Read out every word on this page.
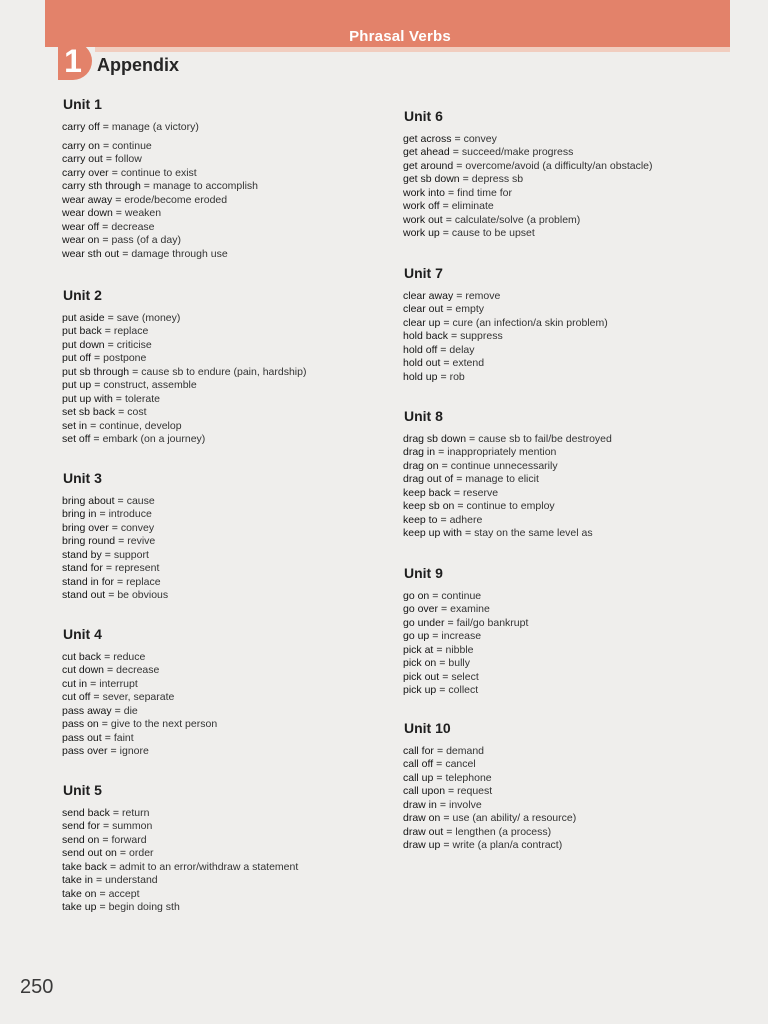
Phrasal Verbs
1 Appendix
Unit 1
carry off = manage (a victory)
carry on = continue
carry out = follow
carry over = continue to exist
carry sth through = manage to accomplish
wear away = erode/become eroded
wear down = weaken
wear off = decrease
wear on = pass (of a day)
wear sth out = damage through use
Unit 2
put aside = save (money)
put back = replace
put down = criticise
put off = postpone
put sb through = cause sb to endure (pain, hardship)
put up = construct, assemble
put up with = tolerate
set sb back = cost
set in = continue, develop
set off = embark (on a journey)
Unit 3
bring about = cause
bring in = introduce
bring over = convey
bring round = revive
stand by = support
stand for = represent
stand in for = replace
stand out = be obvious
Unit 4
cut back = reduce
cut down = decrease
cut in = interrupt
cut off = sever, separate
pass away = die
pass on = give to the next person
pass out = faint
pass over = ignore
Unit 5
send back = return
send for = summon
send on = forward
send out on = order
take back = admit to an error/withdraw a statement
take in = understand
take on = accept
take up = begin doing sth
Unit 6
get across = convey
get ahead = succeed/make progress
get around = overcome/avoid (a difficulty/an obstacle)
get sb down = depress sb
work into = find time for
work off = eliminate
work out = calculate/solve (a problem)
work up = cause to be upset
Unit 7
clear away = remove
clear out = empty
clear up = cure (an infection/a skin problem)
hold back = suppress
hold off = delay
hold out = extend
hold up = rob
Unit 8
drag sb down = cause sb to fail/be destroyed
drag in = inappropriately mention
drag on = continue unnecessarily
drag out of = manage to elicit
keep back = reserve
keep sb on = continue to employ
keep to = adhere
keep up with = stay on the same level as
Unit 9
go on = continue
go over = examine
go under = fail/go bankrupt
go up = increase
pick at = nibble
pick on = bully
pick out = select
pick up = collect
Unit 10
call for = demand
call off = cancel
call up = telephone
call upon = request
draw in = involve
draw on = use (an ability/ a resource)
draw out = lengthen (a process)
draw up = write (a plan/a contract)
250
